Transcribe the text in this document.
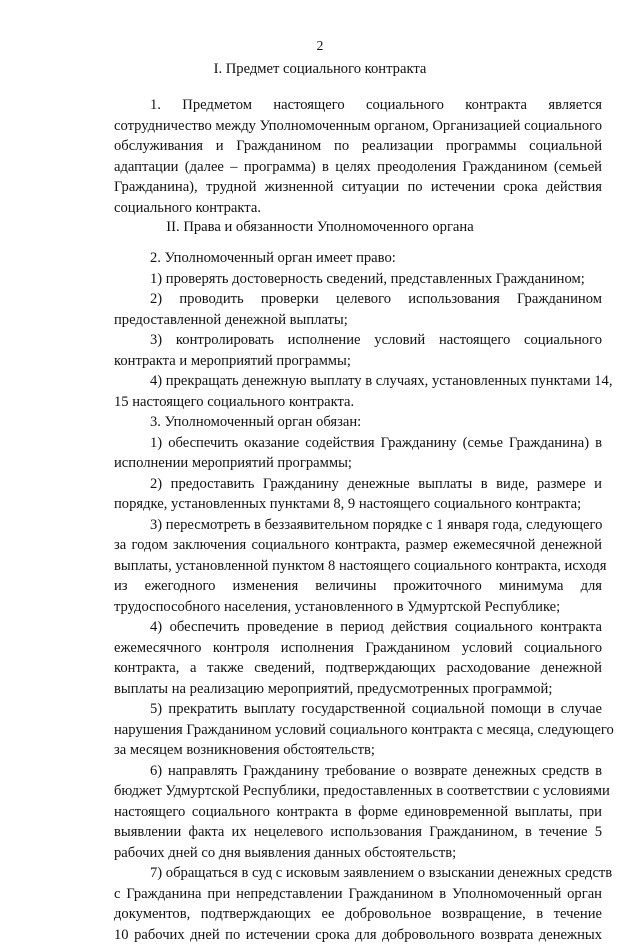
2
I. Предмет социального контракта
1. Предметом настоящего социального контракта является
сотрудничество между Уполномоченным органом, Организацией социального
обслуживания и Гражданином по реализации программы социальной
адаптации (далее – программа) в целях преодоления Гражданином (семьей
Гражданина), трудной жизненной ситуации по истечении срока действия
социального контракта.
II. Права и обязанности Уполномоченного органа
2. Уполномоченный орган имеет право:
1) проверять достоверность сведений, представленных Гражданином;
2) проводить проверки целевого использования Гражданином
предоставленной денежной выплаты;
3) контролировать исполнение условий настоящего социального
контракта и мероприятий программы;
4) прекращать денежную выплату в случаях, установленных пунктами 14,
15 настоящего социального контракта.
3. Уполномоченный орган обязан:
1) обеспечить оказание содействия Гражданину (семье Гражданина) в
исполнении мероприятий программы;
2) предоставить Гражданину денежные выплаты в виде, размере и
порядке, установленных пунктами 8, 9 настоящего социального контракта;
3) пересмотреть в беззаявительном порядке с 1 января года, следующего
за годом заключения социального контракта, размер ежемесячной денежной
выплаты, установленной пунктом 8 настоящего социального контракта, исходя
из ежегодного изменения величины прожиточного минимума для
трудоспособного населения, установленного в Удмуртской Республике;
4) обеспечить проведение в период действия социального контракта
ежемесячного контроля исполнения Гражданином условий социального
контракта, а также сведений, подтверждающих расходование денежной
выплаты на реализацию мероприятий, предусмотренных программой;
5) прекратить выплату государственной социальной помощи в случае
нарушения Гражданином условий социального контракта с месяца, следующего
за месяцем возникновения обстоятельств;
6) направлять Гражданину требование о возврате денежных средств в
бюджет Удмуртской Республики, предоставленных в соответствии с условиями
настоящего социального контракта в форме единовременной выплаты, при
выявлении факта их нецелевого использования Гражданином, в течение 5
рабочих дней со дня выявления данных обстоятельств;
7) обращаться в суд с исковым заявлением о взыскании денежных средств
с Гражданина при непредставлении Гражданином в Уполномоченный орган
документов, подтверждающих ее добровольное возвращение, в течение
10 рабочих дней по истечении срока для добровольного возврата денежных
